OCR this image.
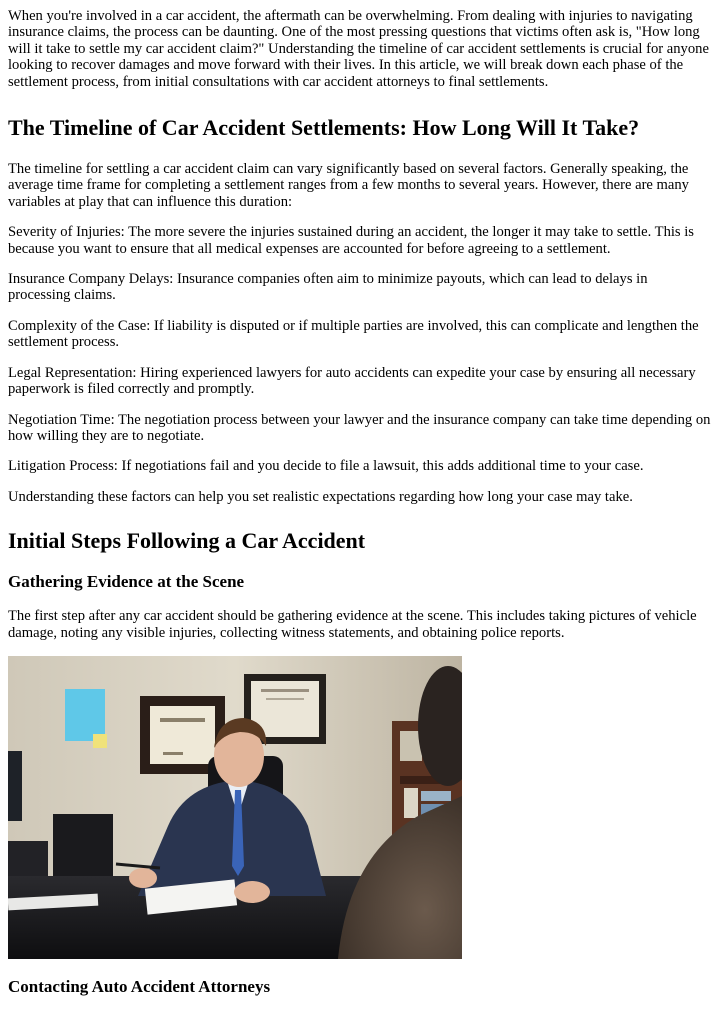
When you're involved in a car accident, the aftermath can be overwhelming. From dealing with injuries to navigating insurance claims, the process can be daunting. One of the most pressing questions that victims often ask is, "How long will it take to settle my car accident claim?" Understanding the timeline of car accident settlements is crucial for anyone looking to recover damages and move forward with their lives. In this article, we will break down each phase of the settlement process, from initial consultations with car accident attorneys to final settlements.

The Timeline of Car Accident Settlements: How Long Will It Take?

The timeline for settling a car accident claim can vary significantly based on several factors. Generally speaking, the average time frame for completing a settlement ranges from a few months to several years. However, there are many variables at play that can influence this duration:

Severity of Injuries: The more severe the injuries sustained during an accident, the longer it may take to settle. This is because you want to ensure that all medical expenses are accounted for before agreeing to a settlement.

Insurance Company Delays: Insurance companies often aim to minimize payouts, which can lead to delays in processing claims.

Complexity of the Case: If liability is disputed or if multiple parties are involved, this can complicate and lengthen the settlement process.

Legal Representation: Hiring experienced lawyers for auto accidents can expedite your case by ensuring all necessary paperwork is filed correctly and promptly.

Negotiation Time: The negotiation process between your lawyer and the insurance company can take time depending on how willing they are to negotiate.

Litigation Process: If negotiations fail and you decide to file a lawsuit, this adds additional time to your case.

Understanding these factors can help you set realistic expectations regarding how long your case may take.

Initial Steps Following a Car Accident
Gathering Evidence at the Scene

The first step after any car accident should be gathering evidence at the scene. This includes taking pictures of vehicle damage, noting any visible injuries, collecting witness statements, and obtaining police reports.

Contacting Auto Accident Attorneys
